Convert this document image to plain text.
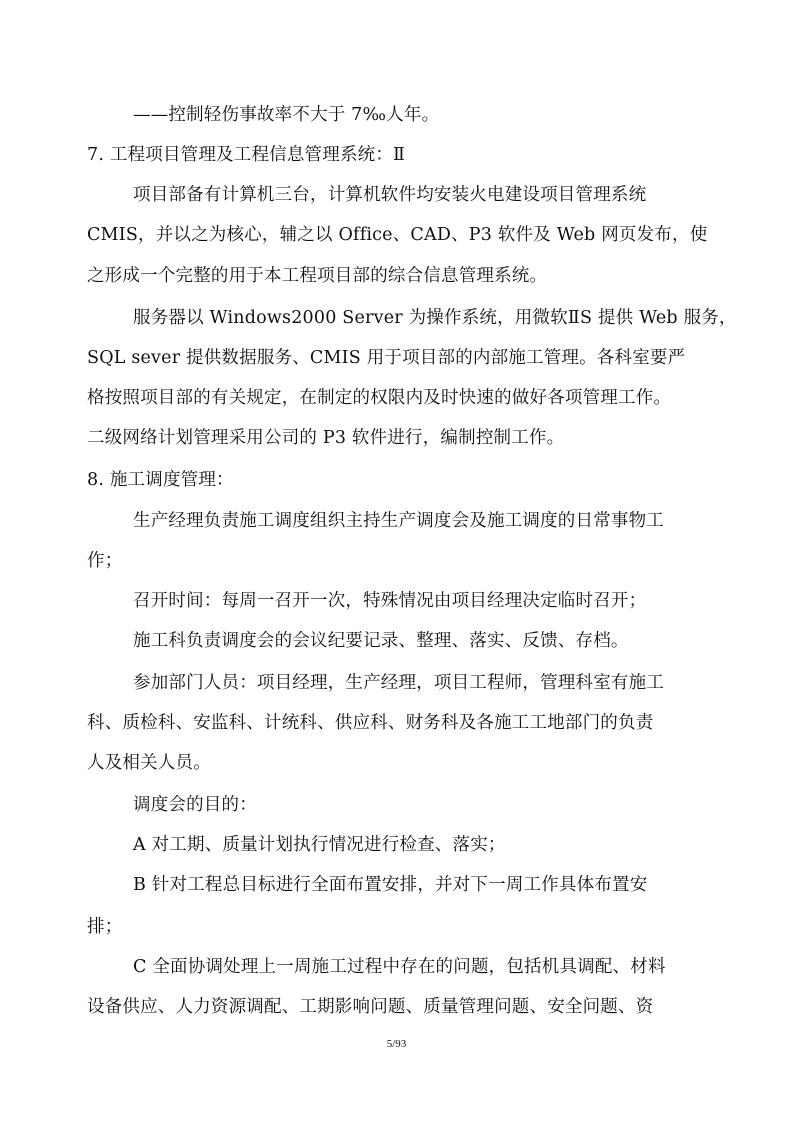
——控制轻伤事故率不大于 7‰人年。
7. 工程项目管理及工程信息管理系统：Ⅱ
项目部备有计算机三台，计算机软件均安装火电建设项目管理系统
CMIS，并以之为核心，辅之以 Office、CAD、P3 软件及 Web 网页发布，使
之形成一个完整的用于本工程项目部的综合信息管理系统。
服务器以 Windows2000 Server 为操作系统，用微软ⅡS 提供 Web 服务，
SQL sever 提供数据服务、CMIS 用于项目部的内部施工管理。各科室要严
格按照项目部的有关规定，在制定的权限内及时快速的做好各项管理工作。
二级网络计划管理采用公司的 P3 软件进行，编制控制工作。
8. 施工调度管理：
生产经理负责施工调度组织主持生产调度会及施工调度的日常事物工
作；
召开时间：每周一召开一次，特殊情况由项目经理决定临时召开；
施工科负责调度会的会议纪要记录、整理、落实、反馈、存档。
参加部门人员：项目经理，生产经理，项目工程师，管理科室有施工
科、质检科、安监科、计统科、供应科、财务科及各施工工地部门的负责
人及相关人员。
调度会的目的：
A 对工期、质量计划执行情况进行检查、落实；
B 针对工程总目标进行全面布置安排，并对下一周工作具体布置安
排；
C 全面协调处理上一周施工过程中存在的问题，包括机具调配、材料
设备供应、人力资源调配、工期影响问题、质量管理问题、安全问题、资
5/93
